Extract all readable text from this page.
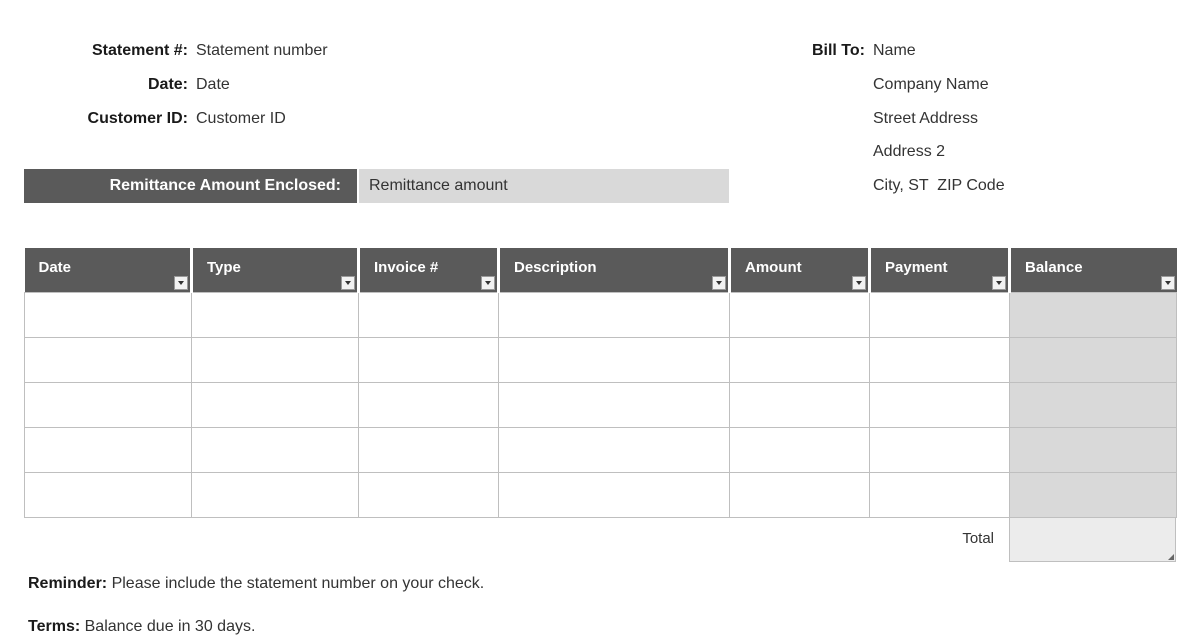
Statement #: Statement number
Date: Date
Customer ID: Customer ID
Remittance Amount Enclosed:	Remittance amount
Bill To: Name
Company Name
Street Address
Address 2
City, ST  ZIP Code
Date	Type	Invoice #	Description	Amount	Payment	Balance

Total
Reminder: Please include the statement number on your check.
Terms: Balance due in 30 days.
